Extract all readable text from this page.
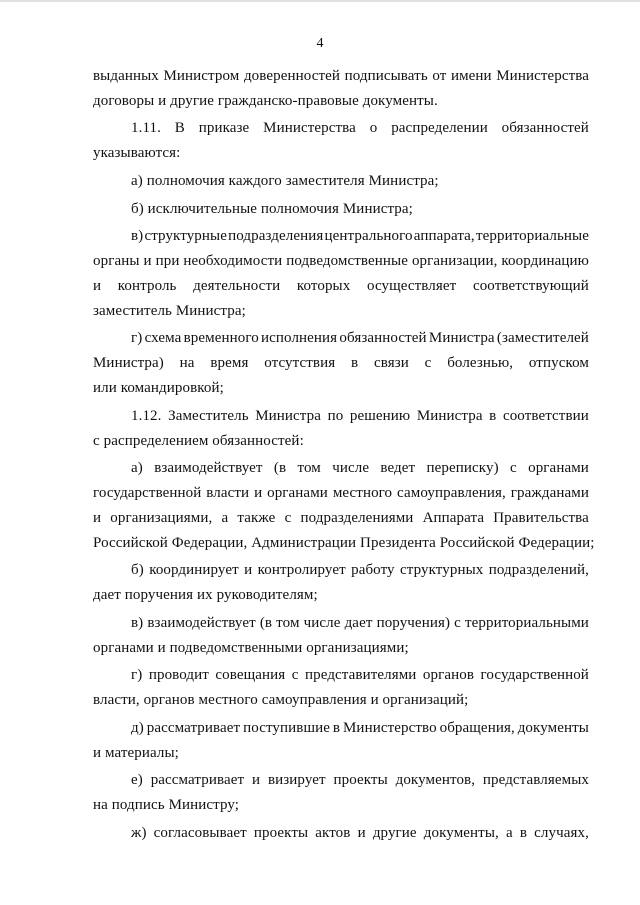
4
выданных Министром доверенностей подписывать от имени Министерства
договоры и другие гражданско-правовые документы.
1.11. В приказе Министерства о распределении обязанностей
указываются:
а) полномочия каждого заместителя Министра;
б) исключительные полномочия Министра;
в) структурные подразделения центрального аппарата, территориальные
органы и при необходимости подведомственные организации, координацию
и контроль деятельности которых осуществляет соответствующий
заместитель Министра;
г) схема временного исполнения обязанностей Министра (заместителей
Министра) на время отсутствия в связи с болезнью, отпуском
или командировкой;
1.12. Заместитель Министра по решению Министра в соответствии
с распределением обязанностей:
а) взаимодействует (в том числе ведет переписку) с органами
государственной власти и органами местного самоуправления, гражданами
и организациями, а также с подразделениями Аппарата Правительства
Российской Федерации, Администрации Президента Российской Федерации;
б) координирует и контролирует работу структурных подразделений,
дает поручения их руководителям;
в) взаимодействует (в том числе дает поручения) с территориальными
органами и подведомственными организациями;
г) проводит совещания с представителями органов государственной
власти, органов местного самоуправления и организаций;
д) рассматривает поступившие в Министерство обращения, документы
и материалы;
е) рассматривает и визирует проекты документов, представляемых
на подпись Министру;
ж) согласовывает проекты актов и другие документы, а в случаях,
